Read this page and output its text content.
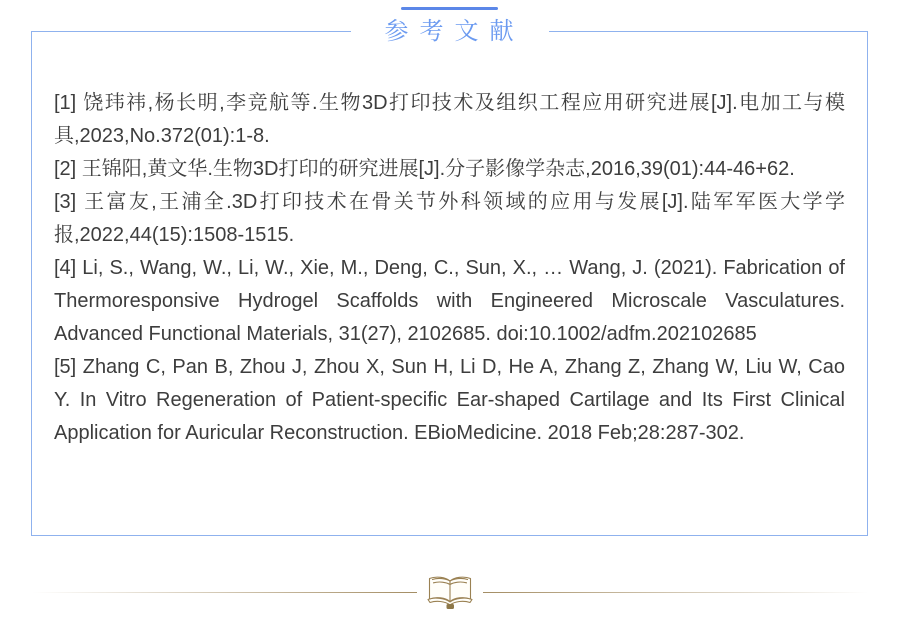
参考文献

[1] 饶玮祎,杨长明,李竞航等.生物3D打印技术及组织工程应用研究进展[J].电加工与模具,2023,No.372(01):1-8.

[2] 王锦阳,黄文华.生物3D打印的研究进展[J].分子影像学杂志,2016,39(01):44-46+62.

[3] 王富友,王浦全.3D打印技术在骨关节外科领域的应用与发展[J].陆军军医大学学报,2022,44(15):1508-1515.

[4] Li, S., Wang, W., Li, W., Xie, M., Deng, C., Sun, X., … Wang, J. (2021). Fabrication of Thermoresponsive Hydrogel Scaffolds with Engineered Microscale Vasculatures. Advanced Functional Materials, 31(27), 2102685. doi:10.1002/adfm.202102685

[5] Zhang C, Pan B, Zhou J, Zhou X, Sun H, Li D, He A, Zhang Z, Zhang W, Liu W, Cao Y. In Vitro Regeneration of Patient-specific Ear-shaped Cartilage and Its First Clinical Application for Auricular Reconstruction. EBioMedicine. 2018 Feb;28:287-302.
